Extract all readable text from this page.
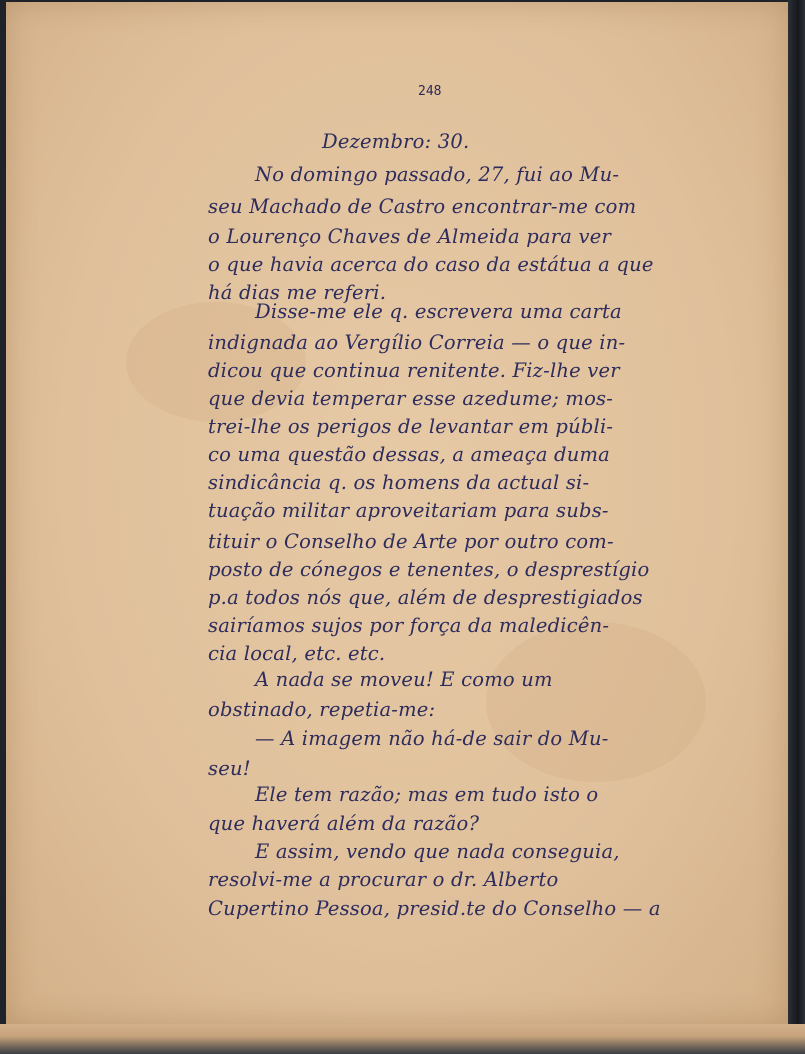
248
Dezembro: 30.
No domingo passado, 27, fui ao Mu-
seu Machado de Castro encontrar-me com
o Lourenço Chaves de Almeida para ver
o que havia acerca do caso da estátua a que
há dias me referi.
Disse-me ele q. escrevera uma carta
indignada ao Vergílio Correia — o que in-
dicou que continua renitente. Fiz-lhe ver
que devia temperar esse azedume; mos-
trei-lhe os perigos de levantar em públi-
co uma questão dessas, a ameaça duma
sindicância q. os homens da actual si-
tuação militar aproveitariam para subs-
tituir o Conselho de Arte por outro com-
posto de cónegos e tenentes, o desprestígio
p.a todos nós que, além de desprestigiados
sairíamos sujos por força da maledicên-
cia local, etc. etc.
A nada se moveu! E como um
obstinado, repetia-me:
— A imagem não há-de sair do Mu-
seu!
Ele tem razão; mas em tudo isto o
que haverá além da razão?
E assim, vendo que nada conseguia,
resolvi-me a procurar o dr. Alberto
Cupertino Pessoa, presid.te do Conselho — a
